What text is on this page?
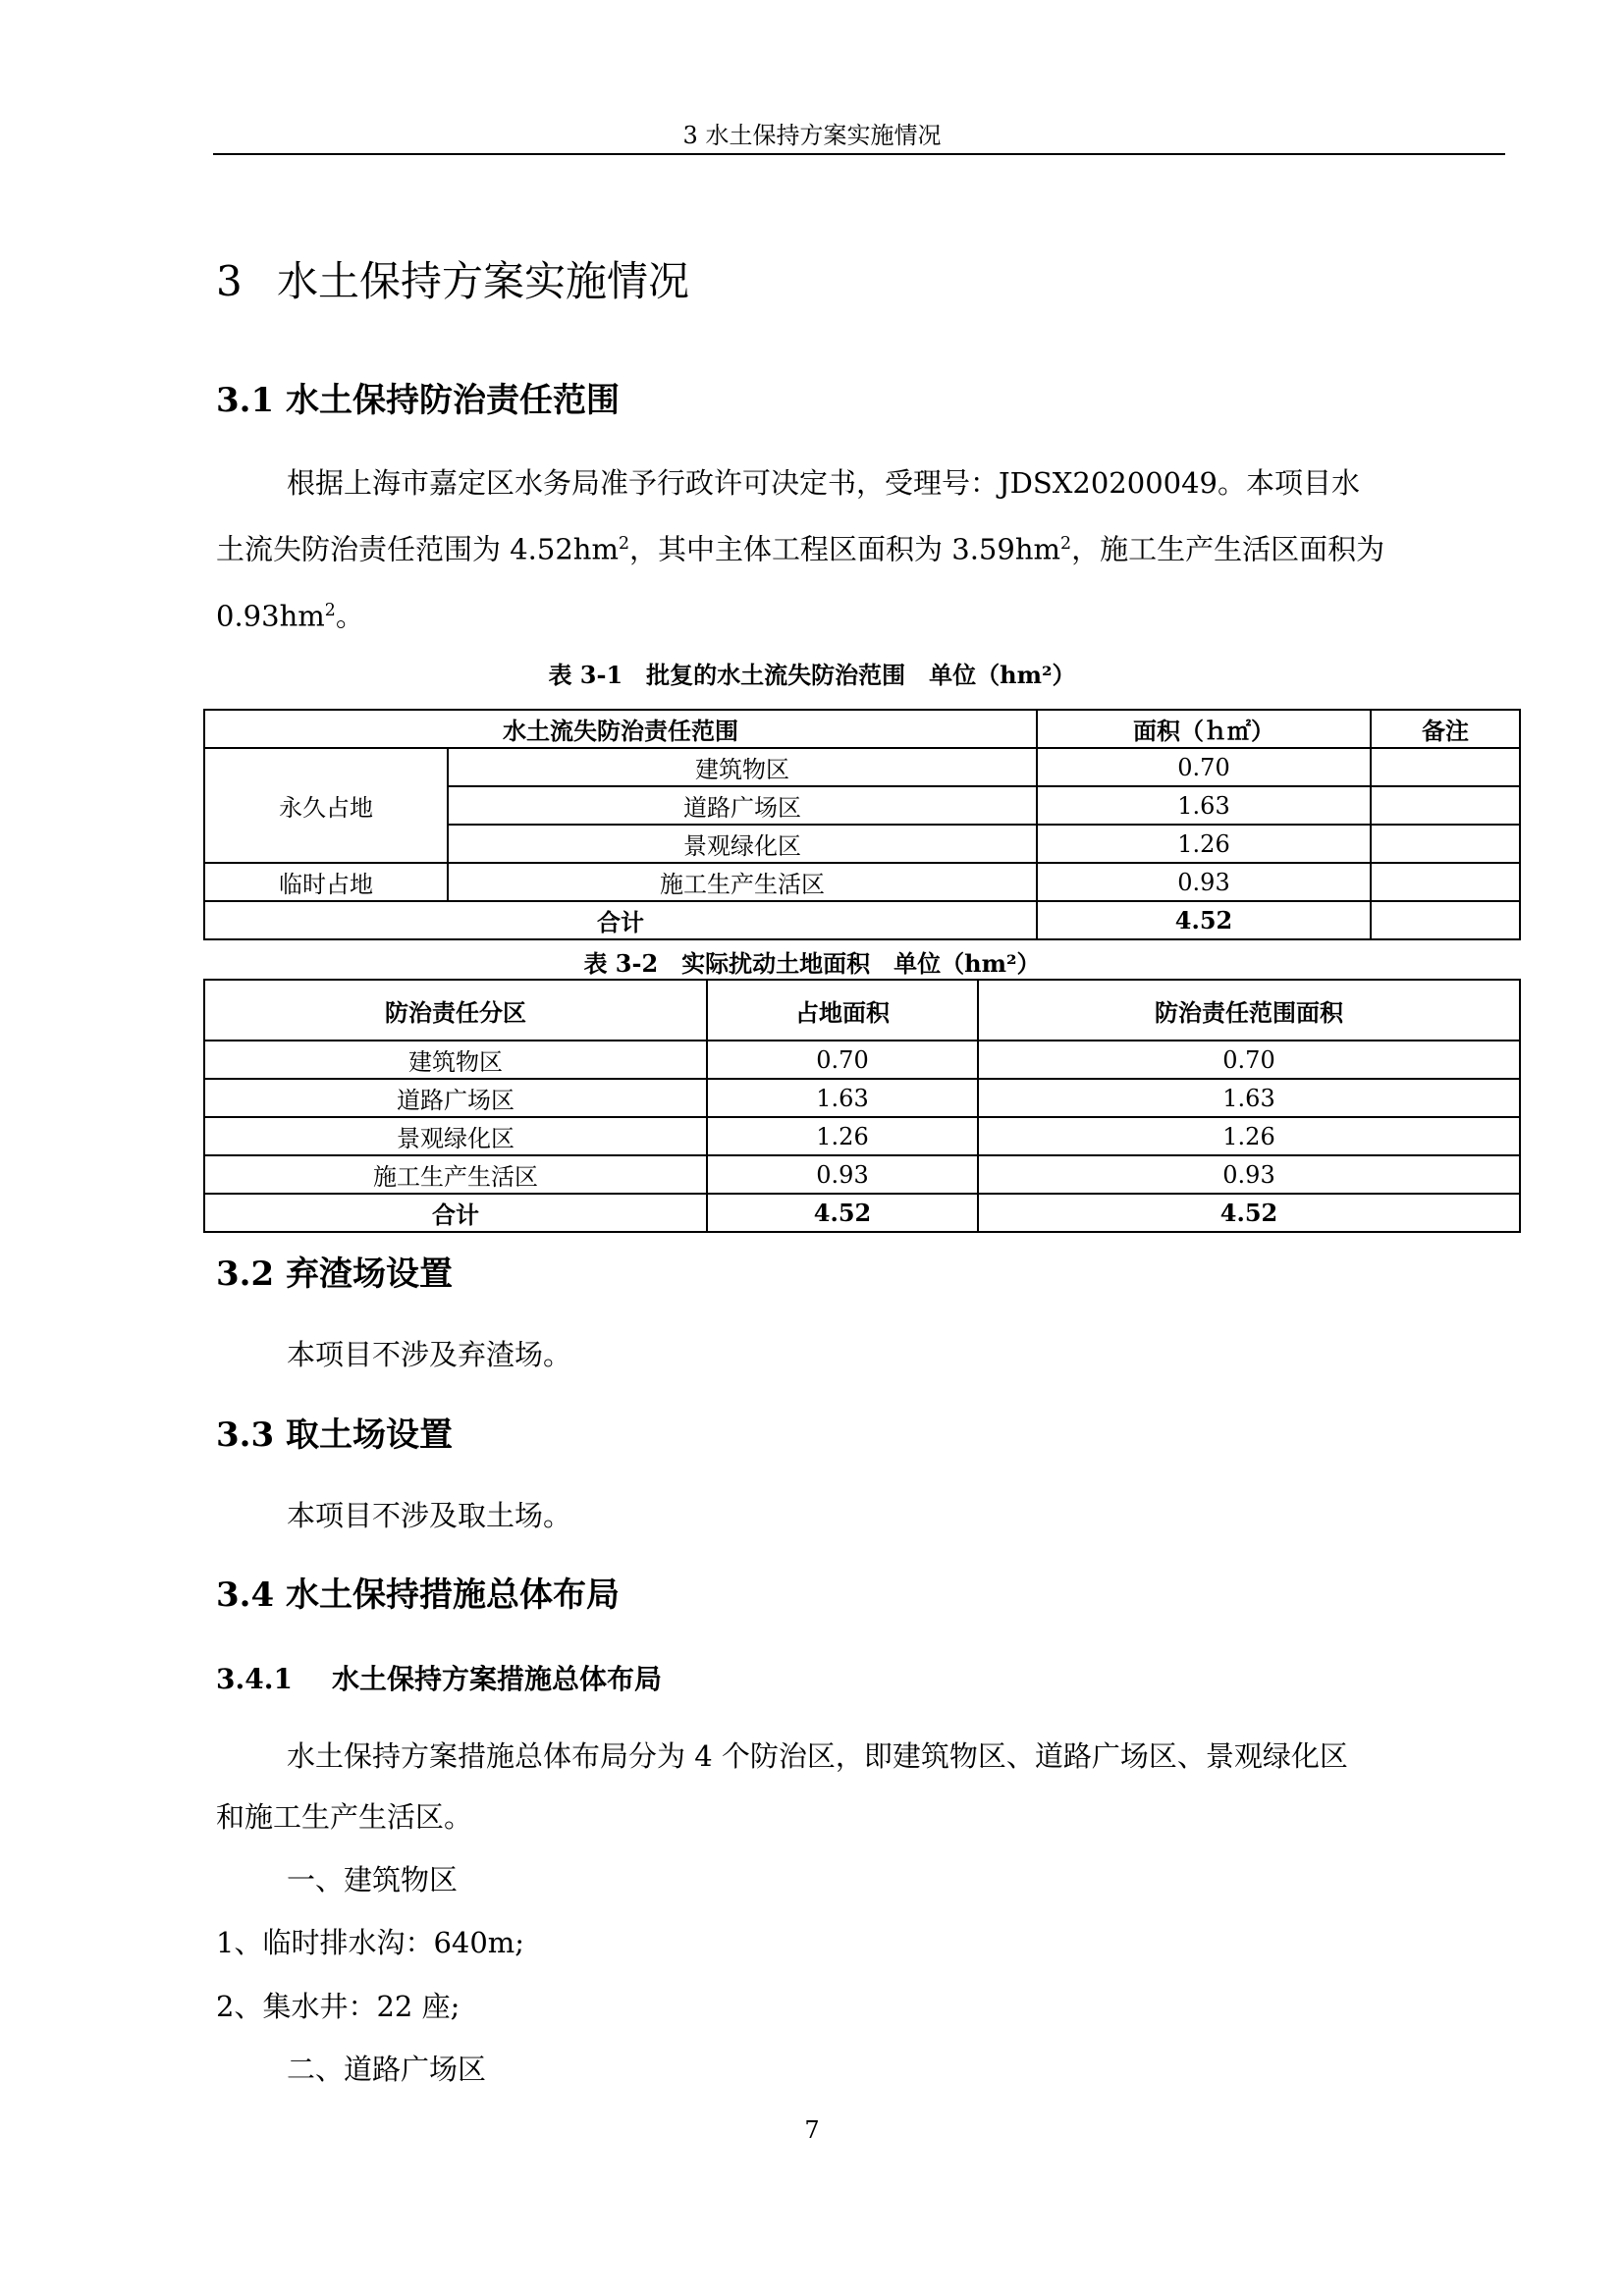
3 水土保持方案实施情况
3 水土保持方案实施情况
3.1 水土保持防治责任范围
根据上海市嘉定区水务局准予行政许可决定书，受理号：JDSX20200049。本项目水
土流失防治责任范围为 $4.52hm^2$，其中主体工程区面积为 $3.59hm^2$，施工生产生活区面积为
$0.93hm^2$。
表 3-1　批复的水土流失防治范围　单位（hm²）
水土流失防治责任范围		面积（ｈ㎡）	备注
永久占地	建筑物区	0.70	
	道路广场区	1.63	
	景观绿化区	1.26	
临时占地	施工生产生活区	0.93	
合计		4.52	
表 3-2　实际扰动土地面积　单位（hm²）
防治责任分区	占地面积	防治责任范围面积
建筑物区	0.70	0.70
道路广场区	1.63	1.63
景观绿化区	1.26	1.26
施工生产生活区	0.93	0.93
合计	4.52	4.52
3.2 弃渣场设置
本项目不涉及弃渣场。
3.3 取土场设置
本项目不涉及取土场。
3.4 水土保持措施总体布局
3.4.1 水土保持方案措施总体布局
水土保持方案措施总体布局分为 4 个防治区，即建筑物区、道路广场区、景观绿化区
和施工生产生活区。
一、建筑物区
1、临时排水沟：640m;
2、集水井：22 座;
二、道路广场区
7
